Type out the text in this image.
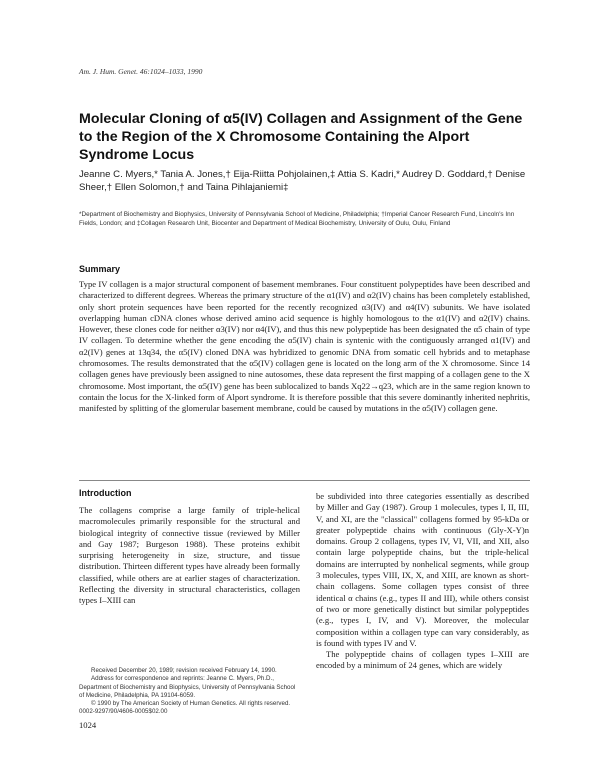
Am. J. Hum. Genet. 46:1024–1033, 1990
Molecular Cloning of α5(IV) Collagen and Assignment of the Gene to the Region of the X Chromosome Containing the Alport Syndrome Locus
Jeanne C. Myers,* Tania A. Jones,† Eija-Riitta Pohjolainen,‡ Attia S. Kadri,* Audrey D. Goddard,† Denise Sheer,† Ellen Solomon,† and Taina Pihlajaniemi‡
*Department of Biochemistry and Biophysics, University of Pennsylvania School of Medicine, Philadelphia; †Imperial Cancer Research Fund, Lincoln's Inn Fields, London; and ‡Collagen Research Unit, Biocenter and Department of Medical Biochemistry, University of Oulu, Oulu, Finland
Summary
Type IV collagen is a major structural component of basement membranes. Four constituent polypeptides have been described and characterized to different degrees. Whereas the primary structure of the α1(IV) and α2(IV) chains has been completely established, only short protein sequences have been reported for the recently recognized α3(IV) and α4(IV) subunits. We have isolated overlapping human cDNA clones whose derived amino acid sequence is highly homologous to the α1(IV) and α2(IV) chains. However, these clones code for neither α3(IV) nor α4(IV), and thus this new polypeptide has been designated the α5 chain of type IV collagen. To determine whether the gene encoding the α5(IV) chain is syntenic with the contiguously arranged α1(IV) and α2(IV) genes at 13q34, the α5(IV) cloned DNA was hybridized to genomic DNA from somatic cell hybrids and to metaphase chromosomes. The results demonstrated that the α5(IV) collagen gene is located on the long arm of the X chromosome. Since 14 collagen genes have previously been assigned to nine autosomes, these data represent the first mapping of a collagen gene to the X chromosome. Most important, the α5(IV) gene has been sublocalized to bands Xq22→q23, which are in the same region known to contain the locus for the X-linked form of Alport syndrome. It is therefore possible that this severe dominantly inherited nephritis, manifested by splitting of the glomerular basement membrane, could be caused by mutations in the α5(IV) collagen gene.
Introduction
The collagens comprise a large family of triple-helical macromolecules primarily responsible for the structural and biological integrity of connective tissue (reviewed by Miller and Gay 1987; Burgeson 1988). These proteins exhibit surprising heterogeneity in size, structure, and tissue distribution. Thirteen different types have already been formally classified, while others are at earlier stages of characterization. Reflecting the diversity in structural characteristics, collagen types I–XIII can

be subdivided into three categories essentially as described by Miller and Gay (1987). Group 1 molecules, types I, II, III, V, and XI, are the "classical" collagens formed by 95-kDa or greater polypeptide chains with continuous (Gly-X-Y)n domains. Group 2 collagens, types IV, VI, VII, and XII, also contain large polypeptide chains, but the triple-helical domains are interrupted by nonhelical segments, while group 3 molecules, types VIII, IX, X, and XIII, are known as short-chain collagens. Some collagen types consist of three identical α chains (e.g., types II and III), while others consist of two or more genetically distinct but similar polypeptides (e.g., types I, IV, and V). Moreover, the molecular composition within a collagen type can vary considerably, as is found with types IV and V.

The polypeptide chains of collagen types I–XIII are encoded by a minimum of 24 genes, which are widely

Received December 20, 1989; revision received February 14, 1990.

Address for correspondence and reprints: Jeanne C. Myers, Ph.D., Department of Biochemistry and Biophysics, University of Pennsylvania School of Medicine, Philadelphia, PA 19104-6059.

© 1990 by The American Society of Human Genetics. All rights reserved. 0002-9297/90/4606-0005$02.00

1024
